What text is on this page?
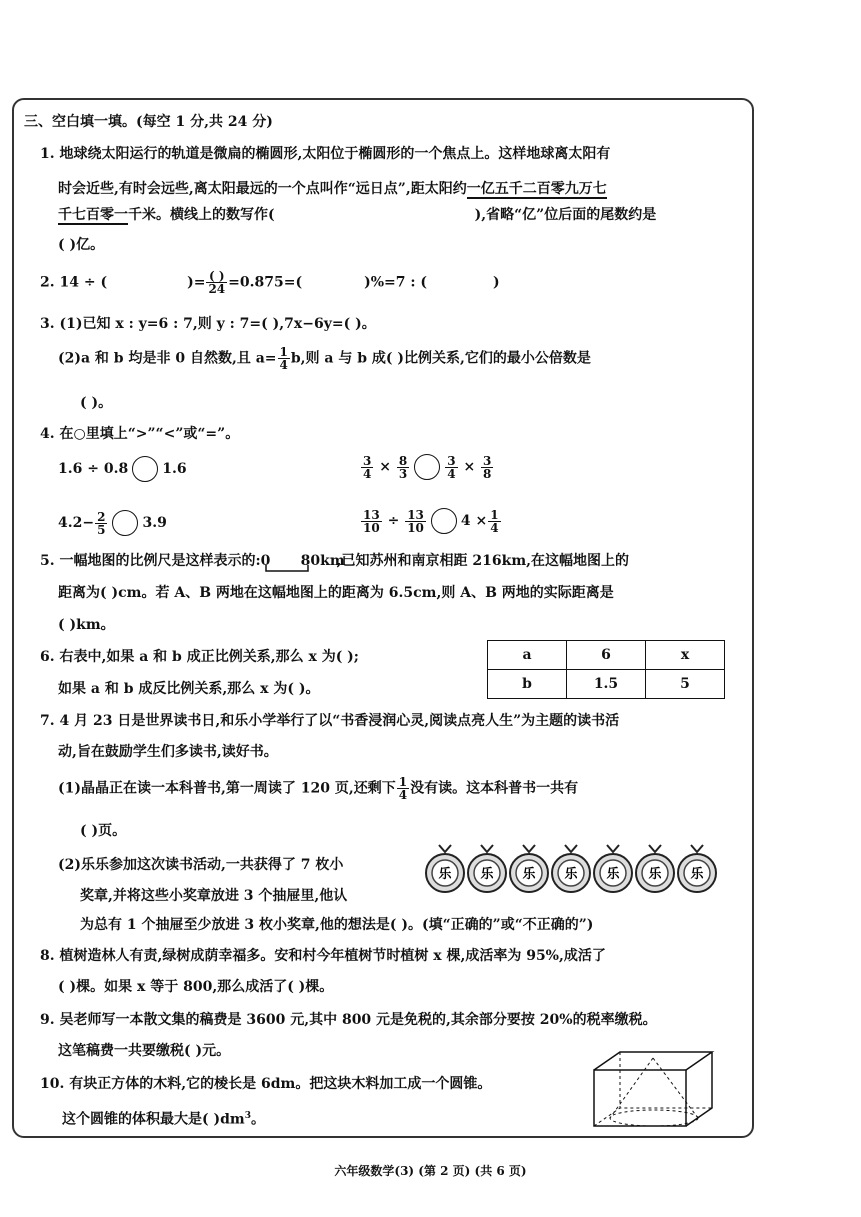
三、空白填一填。(每空 1 分,共 24 分)
1. 地球绕太阳运行的轨道是微扁的椭圆形,太阳位于椭圆形的一个焦点上。这样地球离太阳有
时会近些,有时会远些,离太阳最远的一个点叫作“远日点”,距太阳约一亿五千二百零九万七
千七百零一千米。横线上的数写作(	),省略“亿”位后面的尾数约是
( )亿。
2. 14 ÷ (	)= $\frac{( )}{24} =0.875=$(	)%=7 : (	)
3. (1)已知 x : y=6 : 7,则 y : 7=( ),7x−6y=( )。
(2)a 和 b 均是非 0 自然数,且 $a= \frac{1}{4} b$,则 a 与 b 成( )比例关系,它们的最小公倍数是
( )。
4. 在○里填上“>”“<”或“=”。
1.6 ÷ 0.8 1.6	$\frac{3}{4} \times \frac{8}{3}$	$\frac{3}{4} \times \frac{3}{8}$
$4.2- \frac{2}{5}$	3.9	$\frac{13}{10} \div \frac{13}{10}$	$4 \times \frac{1}{4}$
5. 一幅地图的比例尺是这样表示的: 0 80km
,已知苏州和南京相距 216km,在这幅地图上的
距离为( )cm。若 A、B 两地在这幅地图上的距离为 6.5cm,则 A、B 两地的实际距离是
( )km。
6. 右表中,如果 a 和 b 成正比例关系,那么 x 为( );
如果 a 和 b 成反比例关系,那么 x 为( )。
a	6	x
b	1.5	5
7. 4 月 23 日是世界读书日,和乐小学举行了以“书香浸润心灵,阅读点亮人生”为主题的读书活
动,旨在鼓励学生们多读书,读好书。
(1)晶晶正在读一本科普书,第一周读了 120 页,还剩下 $\frac{1}{4}$ 没有读。这本科普书一共有
( )页。
(2)乐乐参加这次读书活动,一共获得了 7 枚小
奖章,并将这些小奖章放进 3 个抽屉里,他认
为总有 1 个抽屉至少放进 3 枚小奖章,他的想法是( )。(填“正确的”或“不正确的”)
乐 乐 乐 乐 乐 乐 乐
8. 植树造林人有责,绿树成荫幸福多。安和村今年植树节时植树 x 棵,成活率为 95%,成活了
( )棵。如果 x 等于 800,那么成活了( )棵。
9. 吴老师写一本散文集的稿费是 3600 元,其中 800 元是免税的,其余部分要按 20%的税率缴税。
这笔稿费一共要缴税( )元。
10. 有块正方体的木料,它的棱长是 6dm。把这块木料加工成一个圆锥。
这个圆锥的体积最大是( )$dm^3$。
六年级数学(3) (第 2 页) (共 6 页)
